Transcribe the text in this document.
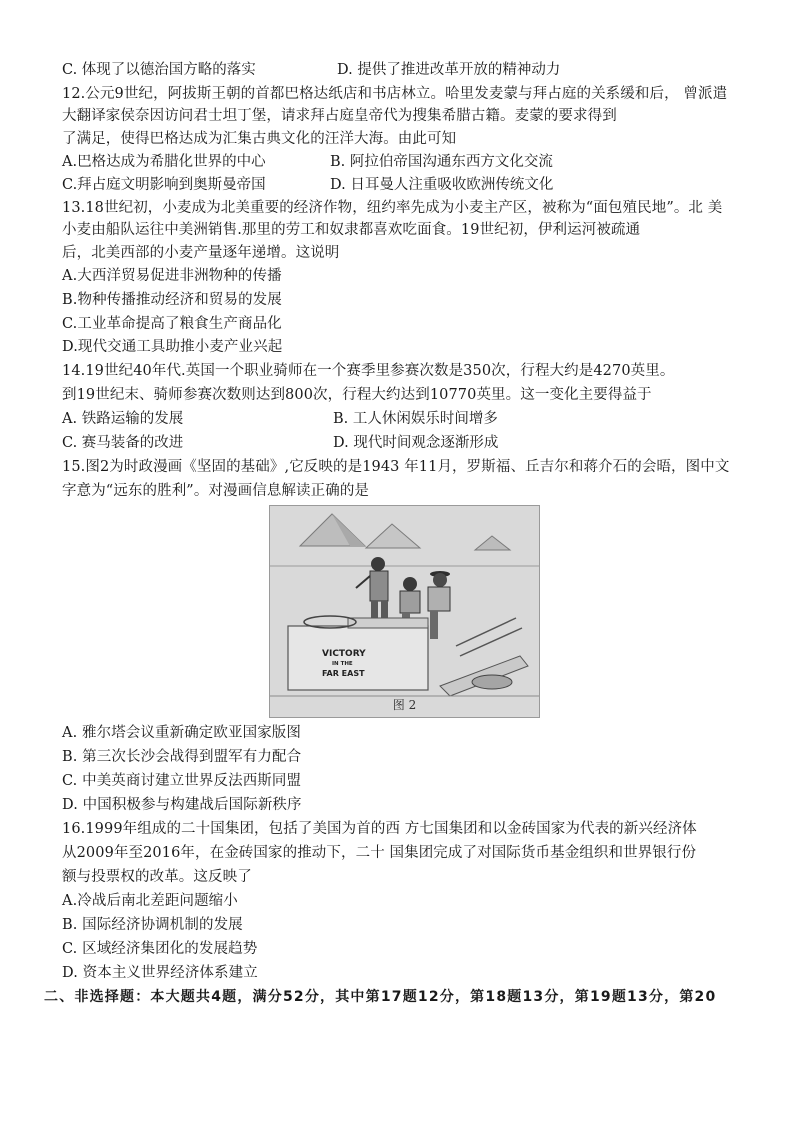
C. 体现了以德治国方略的落实	D. 提供了推进改革开放的精神动力
12.公元9世纪，阿拔斯王朝的首都巴格达纸店和书店林立。哈里发麦蒙与拜占庭的关系缓和后， 曾派遣
大翻译家侯奈因访问君士坦丁堡，请求拜占庭皇帝代为搜集希腊古籍。麦蒙的要求得到
了满足，使得巴格达成为汇集古典文化的汪洋大海。由此可知
A.巴格达成为希腊化世界的中心	B. 阿拉伯帝国沟通东西方文化交流
C.拜占庭文明影响到奥斯曼帝国	D. 日耳曼人注重吸收欧洲传统文化
13.18世纪初，小麦成为北美重要的经济作物，纽约率先成为小麦主产区，被称为“面包殖民地”。北 美
小麦由船队运往中美洲销售.那里的劳工和奴隶都喜欢吃面食。19世纪初，伊利运河被疏通
后，北美西部的小麦产量逐年递增。这说明
A.大西洋贸易促进非洲物种的传播
B.物种传播推动经济和贸易的发展
C.工业革命提高了粮食生产商品化
D.现代交通工具助推小麦产业兴起
14.19世纪40年代.英国一个职业骑师在一个赛季里参赛次数是350次，行程大约是4270英里。
到19世纪末、骑师参赛次数则达到800次，行程大约达到10770英里。这一变化主要得益于
A. 铁路运输的发展	B. 工人休闲娱乐时间增多
C. 赛马装备的改进	D. 现代时间观念逐渐形成
15.图2为时政漫画《坚固的基础》,它反映的是1943 年11月，罗斯福、丘吉尔和蒋介石的会晤，图中文
字意为“远东的胜利”。对漫画信息解读正确的是
VICTORY
IN THE
FAR EAST
图 2
A. 雅尔塔会议重新确定欧亚国家版图
B. 第三次长沙会战得到盟军有力配合
C. 中美英商讨建立世界反法西斯同盟
D. 中国积极参与构建战后国际新秩序
16.1999年组成的二十国集团，包括了美国为首的西 方七国集团和以金砖国家为代表的新兴经济体
从2009年至2016年，在金砖国家的推动下，二十 国集团完成了对国际货币基金组织和世界银行份
额与投票权的改革。这反映了
A.冷战后南北差距问题缩小
B. 国际经济协调机制的发展
C. 区域经济集团化的发展趋势
D. 资本主义世界经济体系建立
二、非选择题：本大题共4题，满分52分，其中第17题12分，第18题13分，第19题13分，第20
